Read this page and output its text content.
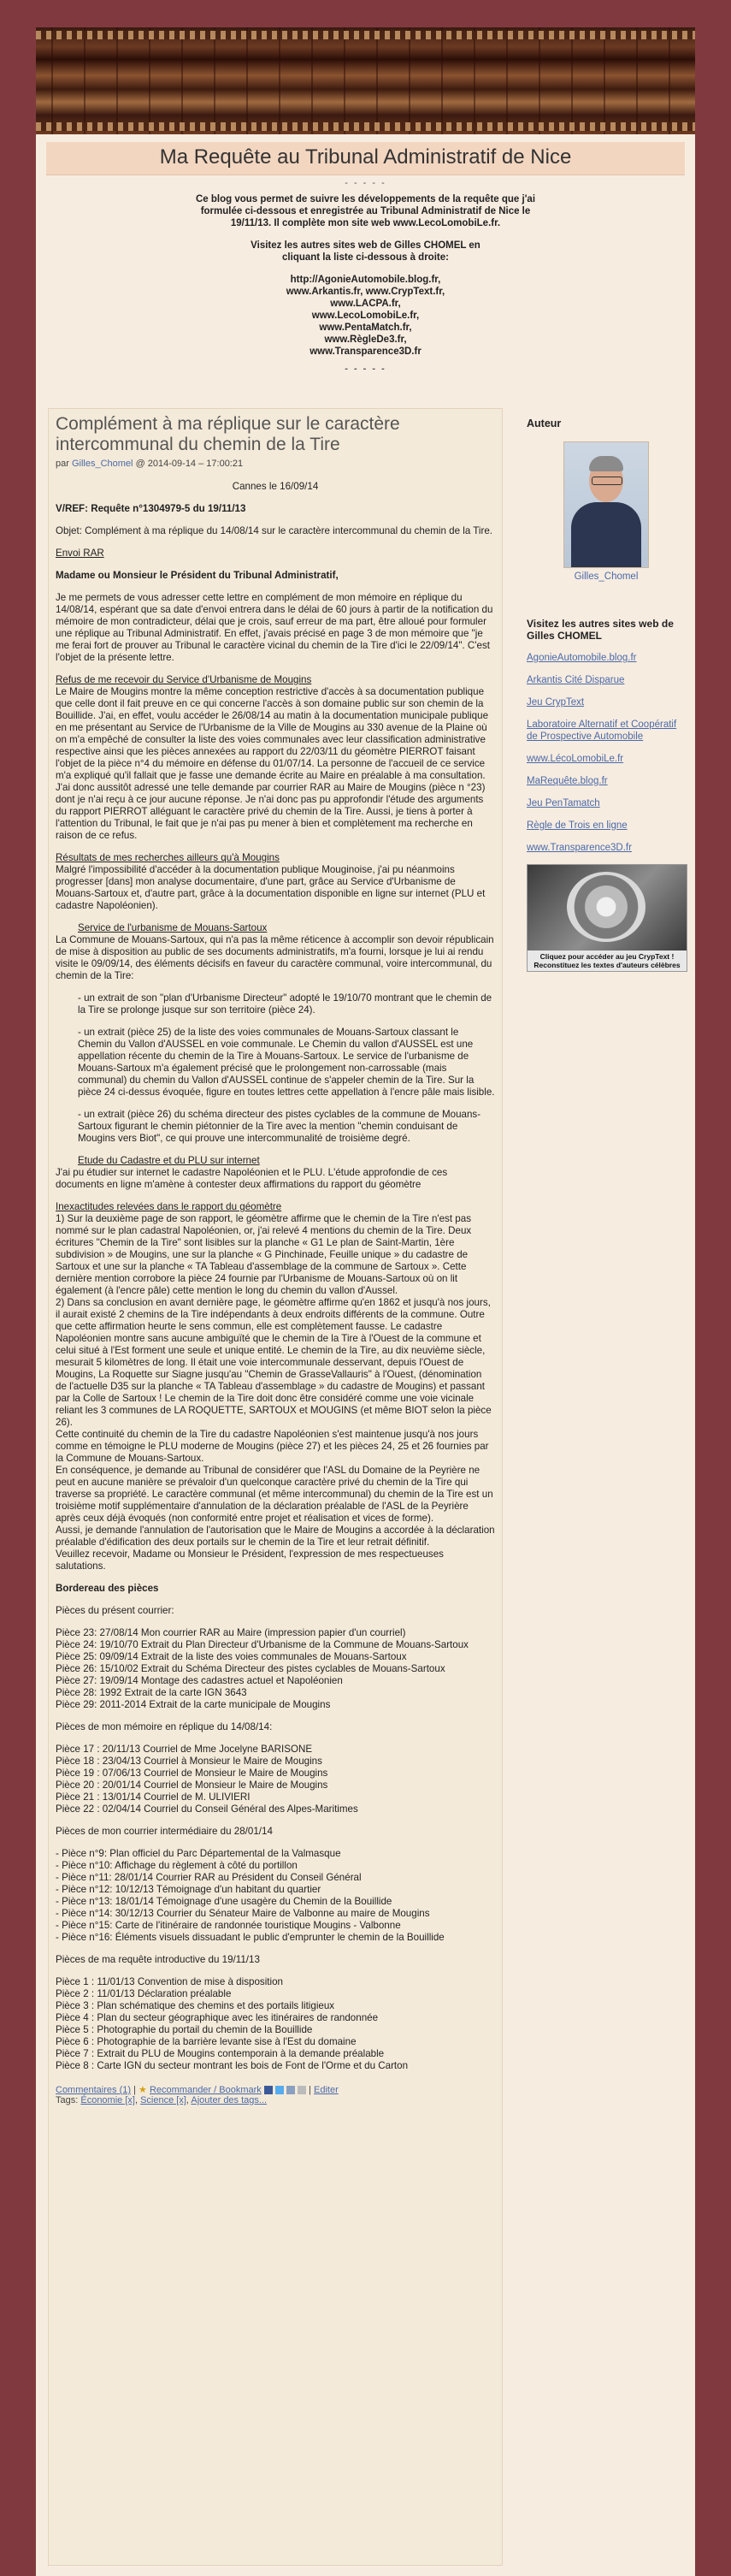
Ma Requête au Tribunal Administratif de Nice
- - - - -

Ce blog vous permet de suivre les développements de la requête que j'ai formulée ci-dessous et enregistrée au Tribunal Administratif de Nice le 19/11/13. Il complète mon site web www.LecoLomobiLe.fr.

Visitez les autres sites web de Gilles CHOMEL en cliquant la liste ci-dessous à droite:

http://AgonieAutomobile.blog.fr,
www.Arkantis.fr, www.CrypText.fr,
www.LACPA.fr,
www.LecoLomobiLe.fr,
www.PentaMatch.fr,
www.RègleDe3.fr,
www.Transparence3D.fr
- - - - -
Complément à ma réplique sur le caractère intercommunal du chemin de la Tire
par Gilles_Chomel @ 2014-09-14 – 17:00:21

Cannes le 16/09/14

V/REF: Requête n°1304979-5 du 19/11/13

Objet: Complément à ma réplique du 14/08/14 sur le caractère intercommunal du chemin de la Tire.

Envoi RAR

Madame ou Monsieur le Président du Tribunal Administratif,

Je me permets de vous adresser cette lettre en complément de mon mémoire en réplique du 14/08/14, espérant que sa date d'envoi entrera dans le délai de 60 jours à partir de la notification du mémoire de mon contradicteur, délai que je crois, sauf erreur de ma part, être alloué pour formuler une réplique au Tribunal Administratif. En effet, j'avais précisé en page 3 de mon mémoire que "je me ferai fort de prouver au Tribunal le caractère vicinal du chemin de la Tire d'ici le 22/09/14". C'est l'objet de la présente lettre.

Refus de me recevoir du Service d'Urbanisme de Mougins

Le Maire de Mougins montre la même conception restrictive d'accès à sa documentation publique que celle dont il fait preuve en ce qui concerne l'accès à son domaine public sur son chemin de la Bouillide. J'ai, en effet, voulu accéder le 26/08/14 au matin à la documentation municipale publique en me présentant au Service de l'Urbanisme de la Ville de Mougins au 330 avenue de la Plaine où on m'a empêché de consulter la liste des voies communales avec leur classification administrative respective ainsi que les pièces annexées au rapport du 22/03/11 du géomètre PIERROT faisant l'objet de la pièce n°4 du mémoire en défense du 01/07/14. La personne de l'accueil de ce service m'a expliqué qu'il fallait que je fasse une demande écrite au Maire en préalable à ma consultation. J'ai donc aussitôt adressé une telle demande par courrier RAR au Maire de Mougins (pièce n °23) dont je n'ai reçu à ce jour aucune réponse. Je n'ai donc pas pu approfondir l'étude des arguments du rapport PIERROT alléguant le caractère privé du chemin de la Tire. Aussi, je tiens à porter à l'attention du Tribunal, le fait que je n'ai pas pu mener à bien et complètement ma recherche en raison de ce refus.

Résultats de mes recherches ailleurs qu'à Mougins

Malgré l'impossibilité d'accéder à la documentation publique Mouginoise, j'ai pu néanmoins progresser [dans] mon analyse documentaire, d'une part, grâce au Service d'Urbanisme de Mouans-Sartoux et, d'autre part, grâce à la documentation disponible en ligne sur internet (PLU et cadastre Napoléonien).

Service de l'urbanisme de Mouans-Sartoux

La Commune de Mouans-Sartoux, qui n'a pas la même réticence à accomplir son devoir républicain de mise à disposition au public de ses documents administratifs, m'a fourni, lorsque je lui ai rendu visite le 09/09/14, des éléments décisifs en faveur du caractère communal, voire intercommunal, du chemin de la Tire:

- un extrait de son "plan d'Urbanisme Directeur" adopté le 19/10/70 montrant que le chemin de la Tire se prolonge jusque sur son territoire (pièce 24).

- un extrait (pièce 25) de la liste des voies communales de Mouans-Sartoux classant le Chemin du Vallon d'AUSSEL en voie communale. Le Chemin du vallon d'AUSSEL est une appellation récente du chemin de la Tire à Mouans-Sartoux. Le service de l'urbanisme de Mouans-Sartoux m'a également précisé que le prolongement non-carrossable (mais communal) du chemin du Vallon d'AUSSEL continue de s'appeler chemin de la Tire. Sur la pièce 24 ci-dessus évoquée, figure en toutes lettres cette appellation à l'encre pâle mais lisible.

- un extrait (pièce 26) du schéma directeur des pistes cyclables de la commune de Mouans-Sartoux figurant le chemin piétonnier de la Tire avec la mention "chemin conduisant de Mougins vers Biot", ce qui prouve une intercommunalité de troisième degré.

Etude du Cadastre et du PLU sur internet

J'ai pu étudier sur internet le cadastre Napoléonien et le PLU. L'étude approfondie de ces documents en ligne m'amène à contester deux affirmations du rapport du géomètre

Inexactitudes relevées dans le rapport du géomètre

1) Sur la deuxième page de son rapport, le géomètre affirme que le chemin de la Tire n'est pas nommé sur le plan cadastral Napoléonien, or, j'ai relevé 4 mentions du chemin de la Tire. Deux écritures "Chemin de la Tire" sont lisibles sur la planche « G1 Le plan de Saint-Martin, 1ère subdivision » de Mougins, une sur la planche « G Pinchinade, Feuille unique » du cadastre de Sartoux et une sur la planche « TA Tableau d'assemblage de la commune de Sartoux ». Cette dernière mention corrobore la pièce 24 fournie par l'Urbanisme de Mouans-Sartoux où on lit également (à l'encre pâle) cette mention le long du chemin du vallon d'Aussel.

2) Dans sa conclusion en avant dernière page, le géomètre affirme qu'en 1862 et jusqu'à nos jours, il aurait existé 2 chemins de la Tire indépendants à deux endroits différents de la commune. Outre que cette affirmation heurte le sens commun, elle est complètement fausse. Le cadastre Napoléonien montre sans aucune ambiguïté que le chemin de la Tire à l'Ouest de la commune et celui situé à l'Est forment une seule et unique entité. Le chemin de la Tire, au dix neuvième siècle, mesurait 5 kilomètres de long. Il était une voie intercommunale desservant, depuis l'Ouest de Mougins, La Roquette sur Siagne jusqu'au "Chemin de GrasseVallauris" à l'Ouest, (dénomination de l'actuelle D35 sur la planche « TA Tableau d'assemblage » du cadastre de Mougins) et passant par la Colle de Sartoux ! Le chemin de la Tire doit donc être considéré comme une voie vicinale reliant les 3 communes de LA ROQUETTE, SARTOUX et MOUGINS (et même BIOT selon la pièce 26).

Cette continuité du chemin de la Tire du cadastre Napoléonien s'est maintenue jusqu'à nos jours comme en témoigne le PLU moderne de Mougins (pièce 27) et les pièces 24, 25 et 26 fournies par la Commune de Mouans-Sartoux.

En conséquence, je demande au Tribunal de considérer que l'ASL du Domaine de la Peyrière ne peut en aucune manière se prévaloir d'un quelconque caractère privé du chemin de la Tire qui traverse sa propriété. Le caractère communal (et même intercommunal) du chemin de la Tire est un troisième motif supplémentaire d'annulation de la déclaration préalable de l'ASL de la Peyrière après ceux déjà évoqués (non conformité entre projet et réalisation et vices de forme).

Aussi, je demande l'annulation de l'autorisation que le Maire de Mougins a accordée à la déclaration préalable d'édification des deux portails sur le chemin de la Tire et leur retrait définitif.

Veuillez recevoir, Madame ou Monsieur le Président, l'expression de mes respectueuses salutations.

Bordereau des pièces

Pièces du présent courrier:

Pièce 23: 27/08/14 Mon courrier RAR au Maire (impression papier d'un courriel)
Pièce 24: 19/10/70 Extrait du Plan Directeur d'Urbanisme de la Commune de Mouans-Sartoux
Pièce 25: 09/09/14 Extrait de la liste des voies communales de Mouans-Sartoux
Pièce 26: 15/10/02 Extrait du Schéma Directeur des pistes cyclables de Mouans-Sartoux
Pièce 27: 19/09/14 Montage des cadastres actuel et Napoléonien
Pièce 28: 1992 Extrait de la carte IGN 3643
Pièce 29: 2011-2014 Extrait de la carte municipale de Mougins

Pièces de mon mémoire en réplique du 14/08/14:

Pièce 17 : 20/11/13 Courriel de Mme Jocelyne BARISONE
Pièce 18 : 23/04/13 Courriel à Monsieur le Maire de Mougins
Pièce 19 : 07/06/13 Courriel de Monsieur le Maire de Mougins
Pièce 20 : 20/01/14 Courriel de Monsieur le Maire de Mougins
Pièce 21 : 13/01/14 Courriel de M. ULIVIERI
Pièce 22 : 02/04/14 Courriel du Conseil Général des Alpes-Maritimes

Pièces de mon courrier intermédiaire du 28/01/14

- Pièce n°9: Plan officiel du Parc Départemental de la Valmasque
- Pièce n°10: Affichage du règlement à côté du portillon
- Pièce n°11: 28/01/14 Courrier RAR au Président du Conseil Général
- Pièce n°12: 10/12/13 Témoignage d'un habitant du quartier
- Pièce n°13: 18/01/14 Témoignage d'une usagère du Chemin de la Bouillide
- Pièce n°14: 30/12/13 Courrier du Sénateur Maire de Valbonne au maire de Mougins
- Pièce n°15: Carte de l'itinéraire de randonnée touristique Mougins - Valbonne
- Pièce n°16: Éléments visuels dissuadant le public d'emprunter le chemin de la Bouillide

Pièces de ma requête introductive du 19/11/13

Pièce 1 : 11/01/13 Convention de mise à disposition
Pièce 2 : 11/01/13 Déclaration préalable
Pièce 3 : Plan schématique des chemins et des portails litigieux
Pièce 4 : Plan du secteur géographique avec les itinéraires de randonnée
Pièce 5 : Photographie du portail du chemin de la Bouillide
Pièce 6 : Photographie de la barrière levante sise à l'Est du domaine
Pièce 7 : Extrait du PLU de Mougins contemporain à la demande préalable
Pièce 8 : Carte IGN du secteur montrant les bois de Font de l'Orme et du Carton

Commentaires (1) | ★ Recommander / Bookmark	| Editer
Tags: Économie [x], Science [x], Ajouter des tags...
Auteur
Gilles_Chomel
Visitez les autres sites web de Gilles CHOMEL
AgonieAutomobile.blog.fr
Arkantis Cité Disparue
Jeu CrypText
Laboratoire Alternatif et Coopératif de Prospective Automobile
www.LécoLomobiLe.fr
MaRequête.blog.fr
Jeu PenTamatch
Règle de Trois en ligne
www.Transparence3D.fr
Cliquez pour accéder au jeu CrypText ! Reconstituez les textes d'auteurs célèbres
